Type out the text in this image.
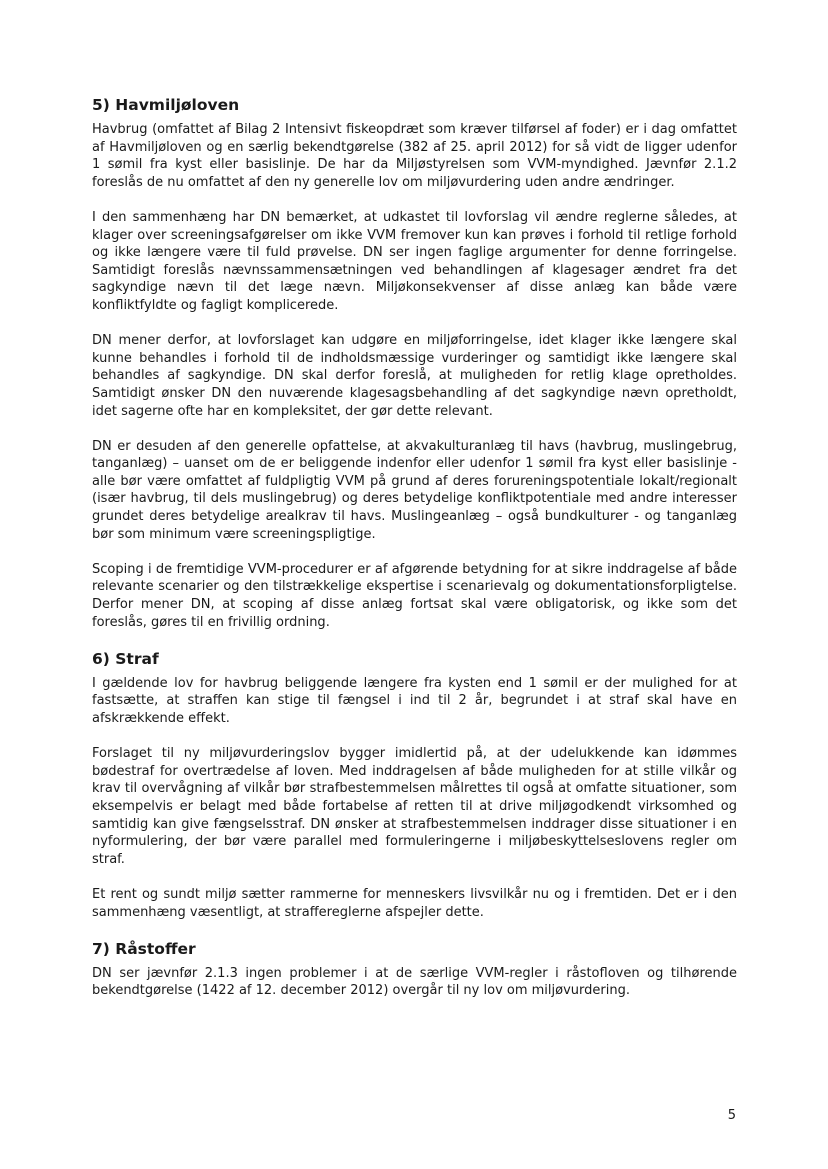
5) Havmiljøloven

Havbrug (omfattet af Bilag 2 Intensivt fiskeopdræt som kræver tilførsel af foder) er i dag omfattet af Havmiljøloven og en særlig bekendtgørelse (382 af 25. april 2012) for så vidt de ligger udenfor 1 sømil fra kyst eller basislinje. De har da Miljøstyrelsen som VVM-myndighed. Jævnfør 2.1.2 foreslås de nu omfattet af den ny generelle lov om miljøvurdering uden andre ændringer.

I den sammenhæng har DN bemærket, at udkastet til lovforslag vil ændre reglerne således, at klager over screeningsafgørelser om ikke VVM fremover kun kan prøves i forhold til retlige forhold og ikke længere være til fuld prøvelse. DN ser ingen faglige argumenter for denne forringelse. Samtidigt foreslås nævnssammensætningen ved behandlingen af klagesager ændret fra det sagkyndige nævn til det læge nævn. Miljøkonsekvenser af disse anlæg kan både være konfliktfyldte og fagligt komplicerede.

DN mener derfor, at lovforslaget kan udgøre en miljøforringelse, idet klager ikke længere skal kunne behandles i forhold til de indholdsmæssige vurderinger og samtidigt ikke længere skal behandles af sagkyndige. DN skal derfor foreslå, at muligheden for retlig klage opretholdes. Samtidigt ønsker DN den nuværende klagesagsbehandling af det sagkyndige nævn opretholdt, idet sagerne ofte har en kompleksitet, der gør dette relevant.

DN er desuden af den generelle opfattelse, at akvakulturanlæg til havs (havbrug, muslingebrug, tanganlæg) – uanset om de er beliggende indenfor eller udenfor 1 sømil fra kyst eller basislinje - alle bør være omfattet af fuldpligtig VVM på grund af deres forureningspotentiale lokalt/regionalt (især havbrug, til dels muslingebrug) og deres betydelige konfliktpotentiale med andre interesser grundet deres betydelige arealkrav til havs. Muslingeanlæg – også bundkulturer - og tanganlæg bør som minimum være screeningspligtige.

Scoping i de fremtidige VVM-procedurer er af afgørende betydning for at sikre inddragelse af både relevante scenarier og den tilstrækkelige ekspertise i scenarievalg og dokumentationsforpligtelse. Derfor mener DN, at scoping af disse anlæg fortsat skal være obligatorisk, og ikke som det foreslås, gøres til en frivillig ordning.

6) Straf

I gældende lov for havbrug beliggende længere fra kysten end 1 sømil er der mulighed for at fastsætte, at straffen kan stige til fængsel i ind til 2 år, begrundet i at straf skal have en afskrækkende effekt.

Forslaget til ny miljøvurderingslov bygger imidlertid på, at der udelukkende kan idømmes bødestraf for overtrædelse af loven. Med inddragelsen af både muligheden for at stille vilkår og krav til overvågning af vilkår bør strafbestemmelsen målrettes til også at omfatte situationer, som eksempelvis er belagt med både fortabelse af retten til at drive miljøgodkendt virksomhed og samtidig kan give fængselsstraf. DN ønsker at strafbestemmelsen inddrager disse situationer i en nyformulering, der bør være parallel med formuleringerne i miljøbeskyttelseslovens regler om straf.

Et rent og sundt miljø sætter rammerne for menneskers livsvilkår nu og i fremtiden. Det er i den sammenhæng væsentligt, at straffereglerne afspejler dette.

7) Råstoffer

DN ser jævnfør 2.1.3 ingen problemer i at de særlige VVM-regler i råstofloven og tilhørende bekendtgørelse (1422 af 12. december 2012) overgår til ny lov om miljøvurdering.

5
